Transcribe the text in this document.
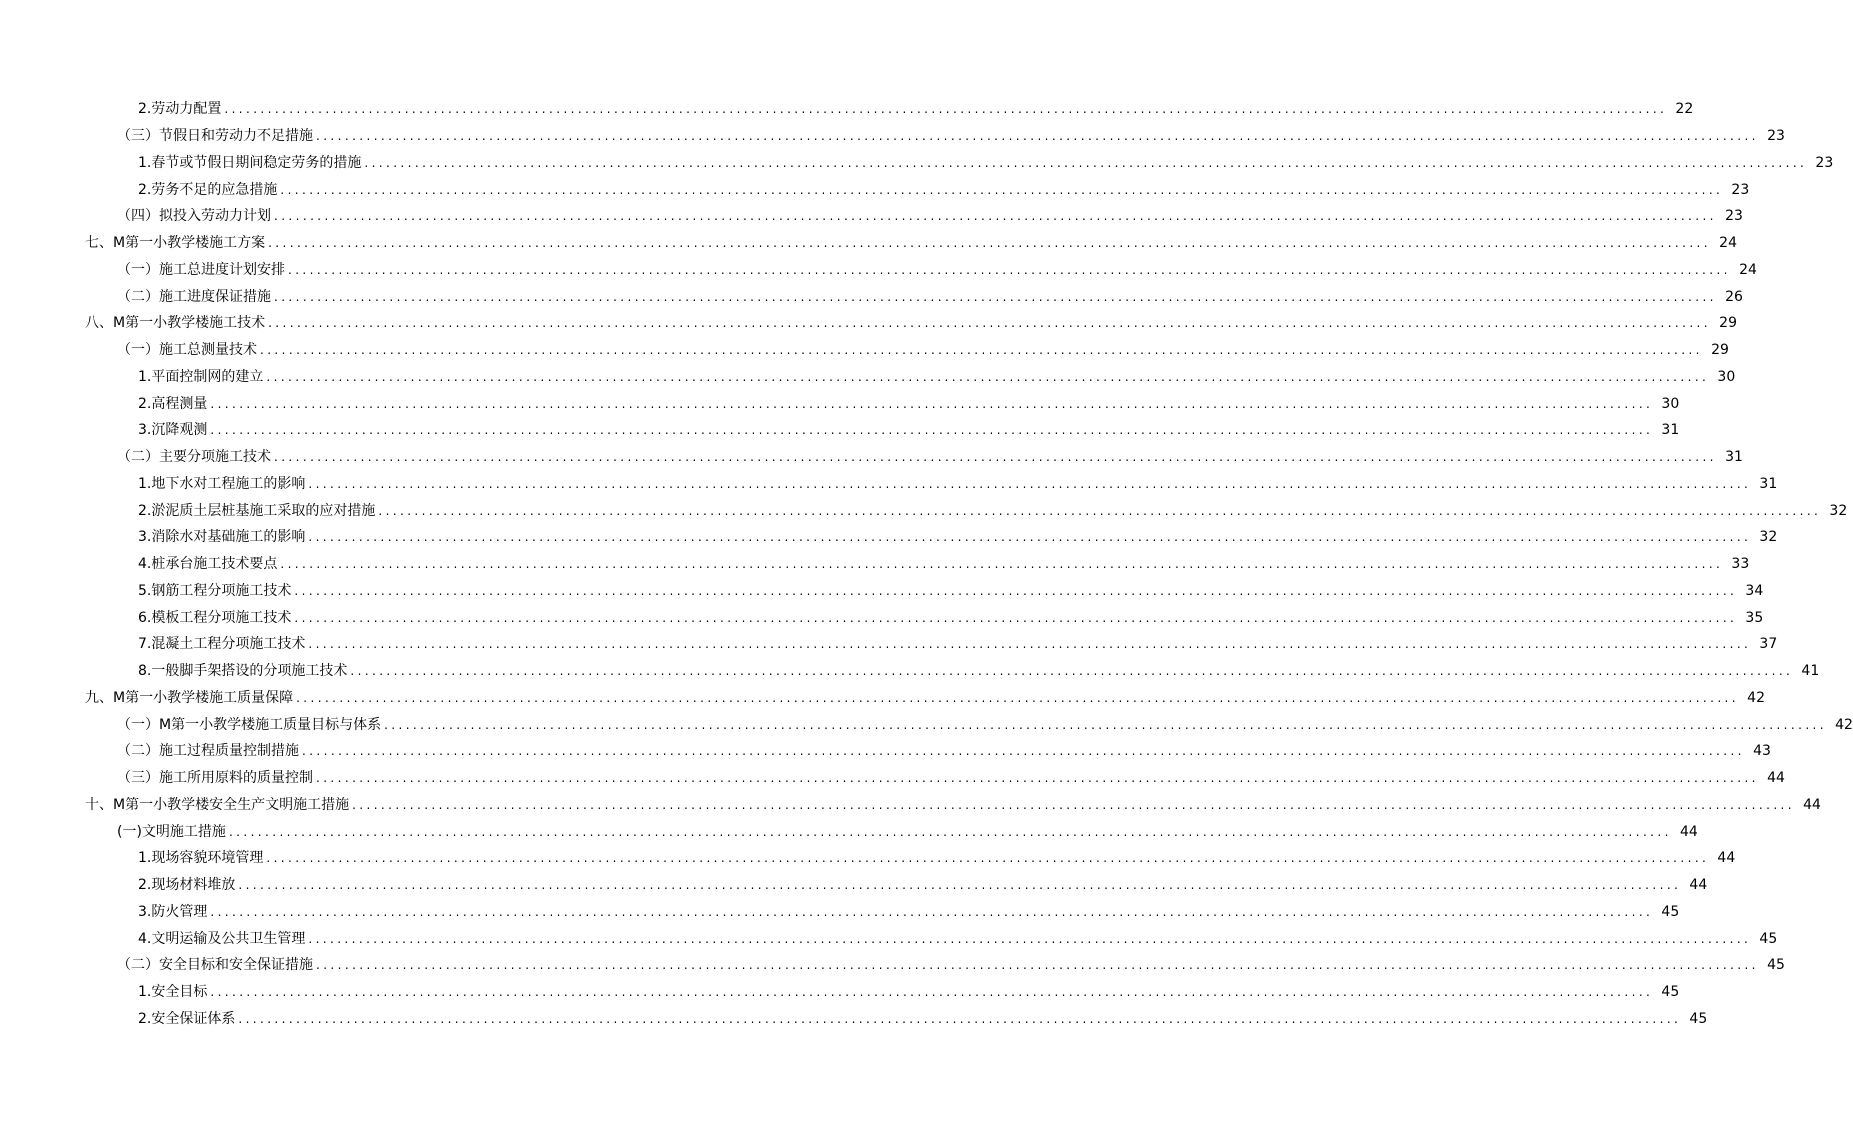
2.劳动力配置 ........................................................................................................................................................................................................ 22
（三）节假日和劳动力不足措施 ........................................................................................................................................................................................................ 23
1.春节或节假日期间稳定劳务的措施 ........................................................................................................................................................................................................ 23
2.劳务不足的应急措施 ........................................................................................................................................................................................................ 23
（四）拟投入劳动力计划 ........................................................................................................................................................................................................ 23
七、M第一小教学楼施工方案 ........................................................................................................................................................................................................ 24
（一）施工总进度计划安排 ........................................................................................................................................................................................................ 24
（二）施工进度保证措施 ........................................................................................................................................................................................................ 26
八、M第一小教学楼施工技术 ........................................................................................................................................................................................................ 29
（一）施工总测量技术 ........................................................................................................................................................................................................ 29
1.平面控制网的建立 ........................................................................................................................................................................................................ 30
2.高程测量 ........................................................................................................................................................................................................ 30
3.沉降观测 ........................................................................................................................................................................................................ 31
（二）主要分项施工技术 ........................................................................................................................................................................................................ 31
1.地下水对工程施工的影响 ........................................................................................................................................................................................................ 31
2.淤泥质土层桩基施工采取的应对措施 ........................................................................................................................................................................................................ 32
3.消除水对基础施工的影响 ........................................................................................................................................................................................................ 32
4.桩承台施工技术要点 ........................................................................................................................................................................................................ 33
5.钢筋工程分项施工技术 ........................................................................................................................................................................................................ 34
6.模板工程分项施工技术 ........................................................................................................................................................................................................ 35
7.混凝土工程分项施工技术 ........................................................................................................................................................................................................ 37
8.一般脚手架搭设的分项施工技术 ........................................................................................................................................................................................................ 41
九、M第一小教学楼施工质量保障 ........................................................................................................................................................................................................ 42
（一）M第一小教学楼施工质量目标与体系 ........................................................................................................................................................................................................ 42
（二）施工过程质量控制措施 ........................................................................................................................................................................................................ 43
（三）施工所用原料的质量控制 ........................................................................................................................................................................................................ 44
十、M第一小教学楼安全生产文明施工措施 ........................................................................................................................................................................................................ 44
(一)文明施工措施 ........................................................................................................................................................................................................ 44
1.现场容貌环境管理 ........................................................................................................................................................................................................ 44
2.现场材料堆放 ........................................................................................................................................................................................................ 44
3.防火管理 ........................................................................................................................................................................................................ 45
4.文明运输及公共卫生管理 ........................................................................................................................................................................................................ 45
（二）安全目标和安全保证措施 ........................................................................................................................................................................................................ 45
1.安全目标 ........................................................................................................................................................................................................ 45
2.安全保证体系 ........................................................................................................................................................................................................ 45
